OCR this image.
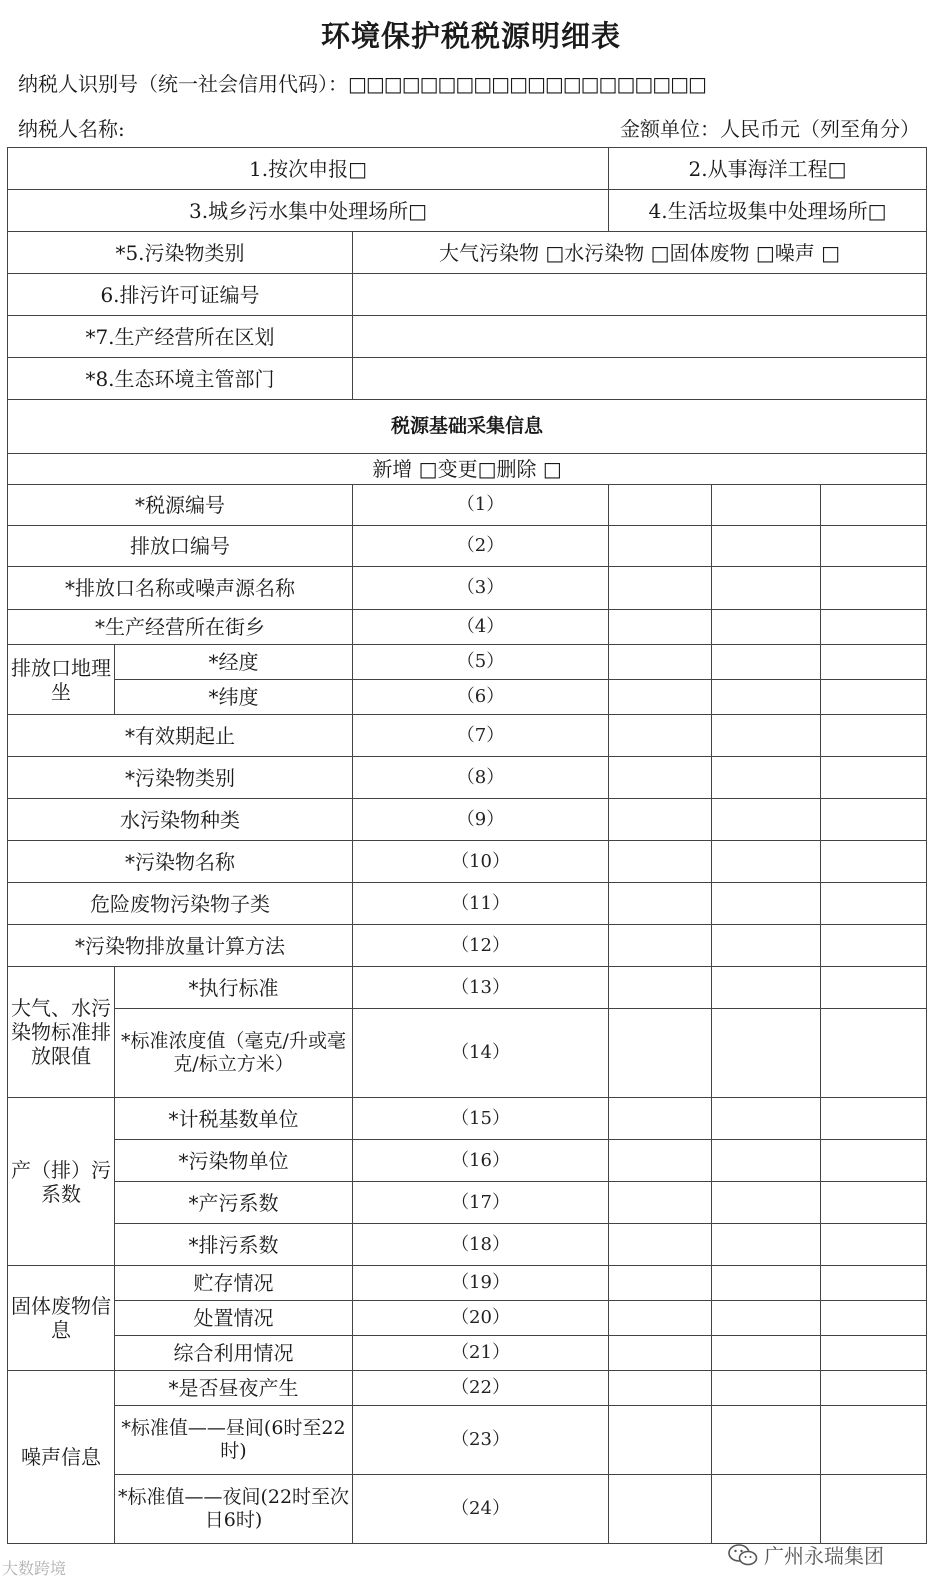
环境保护税税源明细表
纳税人识别号（统一社会信用代码）：□□□□□□□□□□□□□□□□□□□□
纳税人名称:	金额单位：人民币元（列至角分）
1.按次申报□			2.从事海洋工程□		
3.城乡污水集中处理场所□			4.生活垃圾集中处理场所□		
*5.污染物类别		大气污染物 □水污染物 □固体废物 □噪声 □			
6.排污许可证编号					
*7.生产经营所在区划					
*8.生态环境主管部门					
税源基础采集信息					
新增 □变更□删除 □					
*税源编号		（1）			
排放口编号		（2）			
*排放口名称或噪声源名称		（3）			
*生产经营所在街乡		（4）			
排放口地理坐	*经度	（5）			
	*纬度	（6）			
*有效期起止		（7）			
*污染物类别		（8）			
水污染物种类		（9）			
*污染物名称		（10）			
危险废物污染物子类		（11）			
*污染物排放量计算方法		（12）			
大气、水污染物标准排放限值	*执行标准	（13）			
	*标准浓度值（毫克/升或毫克/标立方米）	（14）			
产（排）污系数	*计税基数单位	（15）			
	*污染物单位	（16）			
	*产污系数	（17）			
	*排污系数	（18）			
固体废物信息	贮存情况	（19）			
	处置情况	（20）			
	综合利用情况	（21）			
噪声信息	*是否昼夜产生	（22）			
	*标准值——昼间(6时至22时)	（23）			
	*标准值——夜间(22时至次日6时)	（24）			
大数跨境
广州永瑞集团
